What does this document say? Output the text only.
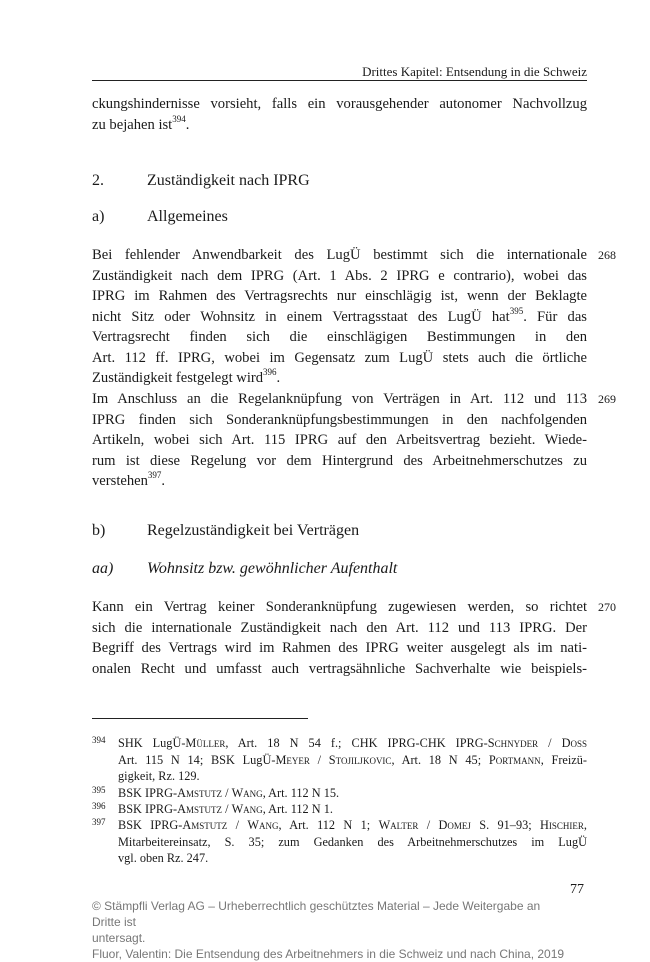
Drittes Kapitel: Entsendung in die Schweiz
ckungshindernisse vorsieht, falls ein vorausgehender autonomer Nachvollzug
zu bejahen ist$^{394}$.
2.	Zuständigkeit nach IPRG
a)	Allgemeines
268
Bei fehlender Anwendbarkeit des LugÜ bestimmt sich die internationale
Zuständigkeit nach dem IPRG (Art. 1 Abs. 2 IPRG e contrario), wobei das
IPRG im Rahmen des Vertragsrechts nur einschlägig ist, wenn der Beklagte
nicht Sitz oder Wohnsitz in einem Vertragsstaat des LugÜ hat$^{395}$. Für das
Vertragsrecht finden sich die einschlägigen Bestimmungen in den
Art. 112 ff. IPRG, wobei im Gegensatz zum LugÜ stets auch die örtliche
Zuständigkeit festgelegt wird$^{396}$.
269
Im Anschluss an die Regelanknüpfung von Verträgen in Art. 112 und 113
IPRG finden sich Sonderanknüpfungsbestimmungen in den nachfolgenden
Artikeln, wobei sich Art. 115 IPRG auf den Arbeitsvertrag bezieht. Wiede-
rum ist diese Regelung vor dem Hintergrund des Arbeitnehmerschutzes zu
verstehen$^{397}$.
b)	Regelzuständigkeit bei Verträgen
aa) Wohnsitz bzw. gewöhnlicher Aufenthalt
270
Kann ein Vertrag keiner Sonderanknüpfung zugewiesen werden, so richtet
sich die internationale Zuständigkeit nach den Art. 112 und 113 IPRG. Der
Begriff des Vertrags wird im Rahmen des IPRG weiter ausgelegt als im nati-
onalen Recht und umfasst auch vertragsähnliche Sachverhalte wie beispiels-
394 SHK LugÜ-Müller, Art. 18 N 54 f.; CHK IPRG-CHK IPRG-Schnyder / Doss
Art. 115 N 14; BSK LugÜ-Meyer / Stojiljkovic, Art. 18 N 45; Portmann, Freizü-
gigkeit, Rz. 129.
395 BSK IPRG-Amstutz / Wang, Art. 112 N 15.
396 BSK IPRG-Amstutz / Wang, Art. 112 N 1.
397 BSK IPRG-Amstutz / Wang, Art. 112 N 1; Walter / Domej S. 91–93; Hischier,
Mitarbeitereinsatz, S. 35; zum Gedanken des Arbeitnehmerschutzes im LugÜ
vgl. oben Rz. 247.
77
© Stämpfli Verlag AG – Urheberrechtlich geschütztes Material – Jede Weitergabe an Dritte ist
untersagt.
Fluor, Valentin: Die Entsendung des Arbeitnehmers in die Schweiz und nach China, 2019
